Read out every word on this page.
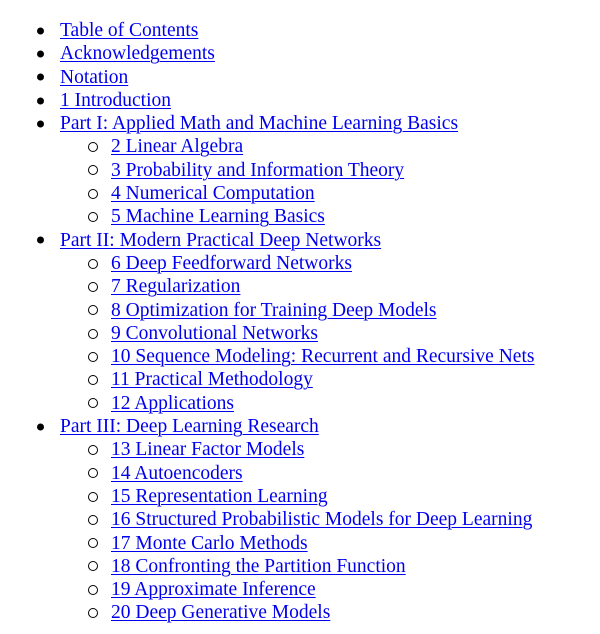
Table of Contents
Acknowledgements
Notation
1 Introduction
Part I: Applied Math and Machine Learning Basics
2 Linear Algebra
3 Probability and Information Theory
4 Numerical Computation
5 Machine Learning Basics
Part II: Modern Practical Deep Networks
6 Deep Feedforward Networks
7 Regularization
8 Optimization for Training Deep Models
9 Convolutional Networks
10 Sequence Modeling: Recurrent and Recursive Nets
11 Practical Methodology
12 Applications
Part III: Deep Learning Research
13 Linear Factor Models
14 Autoencoders
15 Representation Learning
16 Structured Probabilistic Models for Deep Learning
17 Monte Carlo Methods
18 Confronting the Partition Function
19 Approximate Inference
20 Deep Generative Models
